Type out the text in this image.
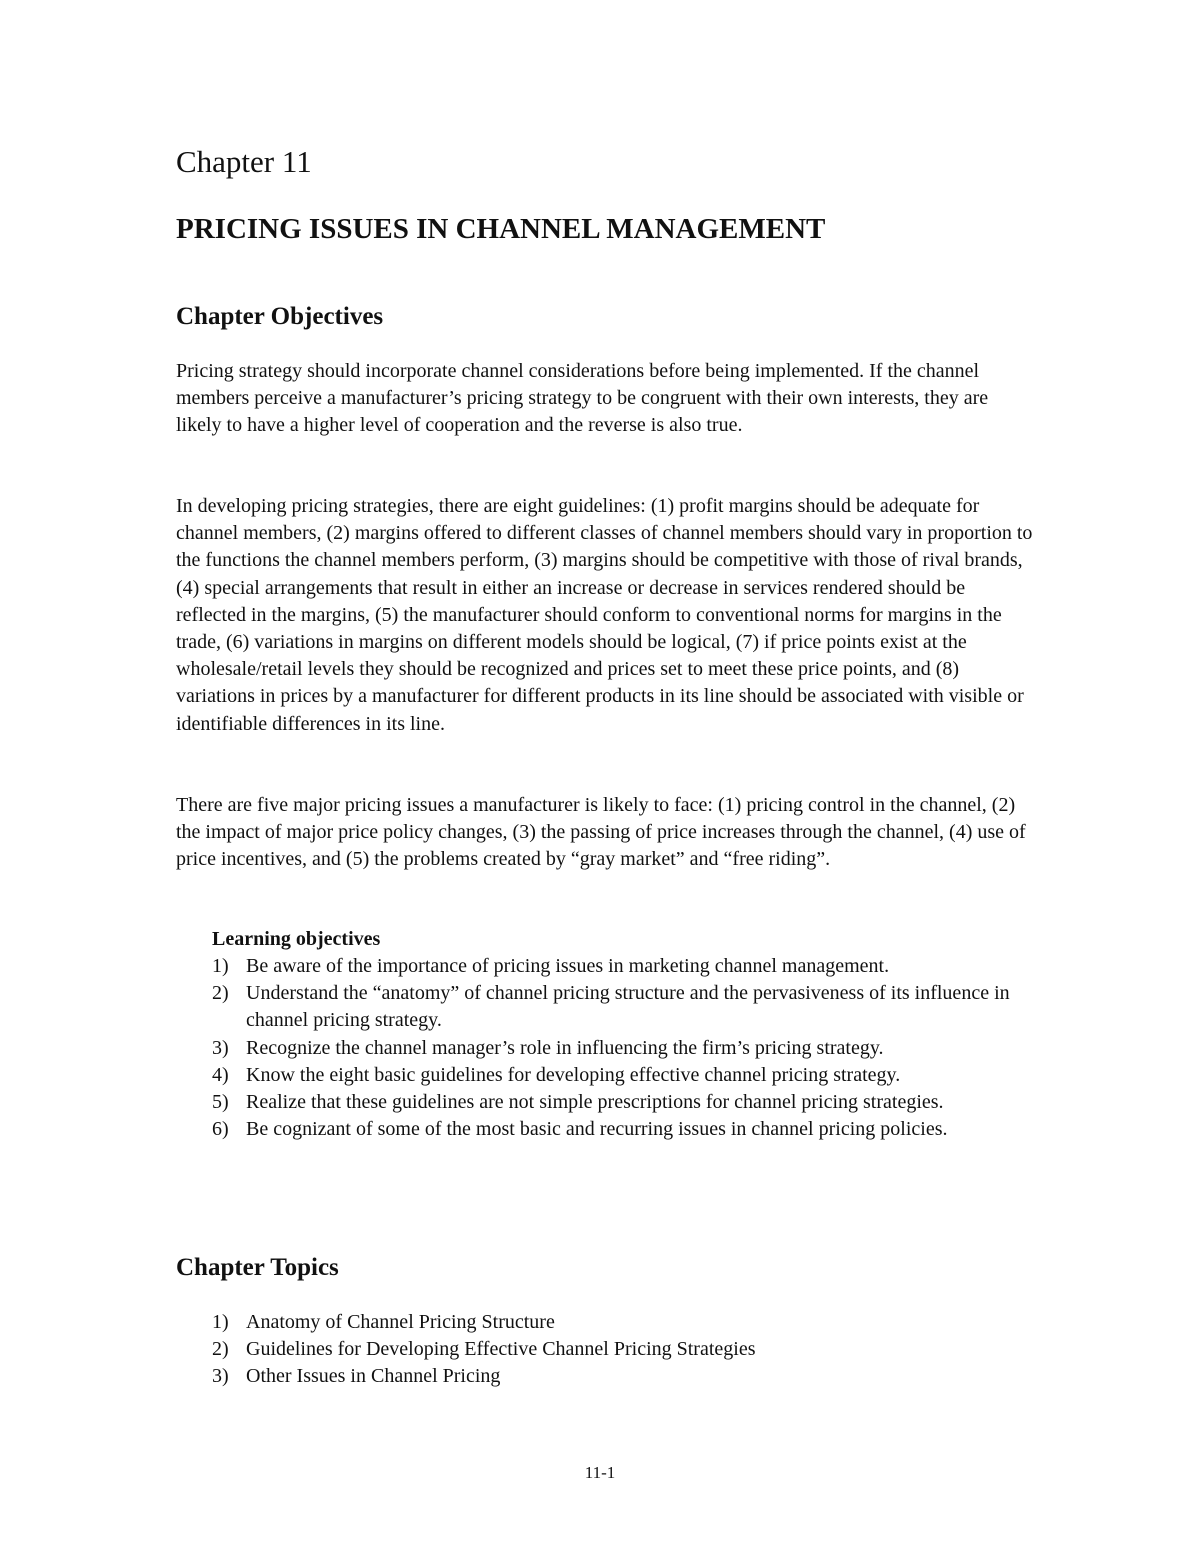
Chapter 11
PRICING ISSUES IN CHANNEL MANAGEMENT
Chapter Objectives

Pricing strategy should incorporate channel considerations before being implemented. If the channel members perceive a manufacturer’s pricing strategy to be congruent with their own interests, they are likely to have a higher level of cooperation and the reverse is also true.

In developing pricing strategies, there are eight guidelines: (1) profit margins should be adequate for channel members, (2) margins offered to different classes of channel members should vary in proportion to the functions the channel members perform, (3) margins should be competitive with those of rival brands, (4) special arrangements that result in either an increase or decrease in services rendered should be reflected in the margins, (5) the manufacturer should conform to conventional norms for margins in the trade, (6) variations in margins on different models should be logical, (7) if price points exist at the wholesale/retail levels they should be recognized and prices set to meet these price points, and (8) variations in prices by a manufacturer for different products in its line should be associated with visible or identifiable differences in its line.

There are five major pricing issues a manufacturer is likely to face: (1) pricing control in the channel, (2) the impact of major price policy changes, (3) the passing of price increases through the channel, (4) use of price incentives, and (5) the problems created by “gray market” and “free riding”.

Learning objectives
1) Be aware of the importance of pricing issues in marketing channel management.
2) Understand the “anatomy” of channel pricing structure and the pervasiveness of its influence in channel pricing strategy.
3) Recognize the channel manager’s role in influencing the firm’s pricing strategy.
4) Know the eight basic guidelines for developing effective channel pricing strategy.
5) Realize that these guidelines are not simple prescriptions for channel pricing strategies.
6) Be cognizant of some of the most basic and recurring issues in channel pricing policies.
Chapter Topics
1) Anatomy of Channel Pricing Structure
2) Guidelines for Developing Effective Channel Pricing Strategies
3) Other Issues in Channel Pricing

11-1
